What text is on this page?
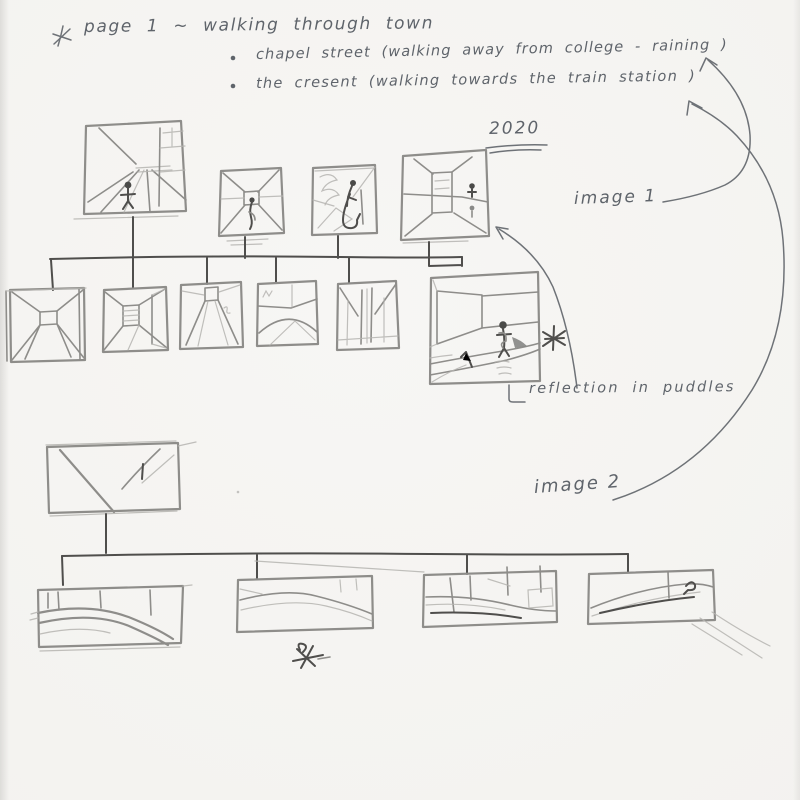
page 1 ~ walking through town
chapel street (walking away from college - raining )
the cresent (walking towards the train station )
2020
image 1
image 2
reflection in puddles
